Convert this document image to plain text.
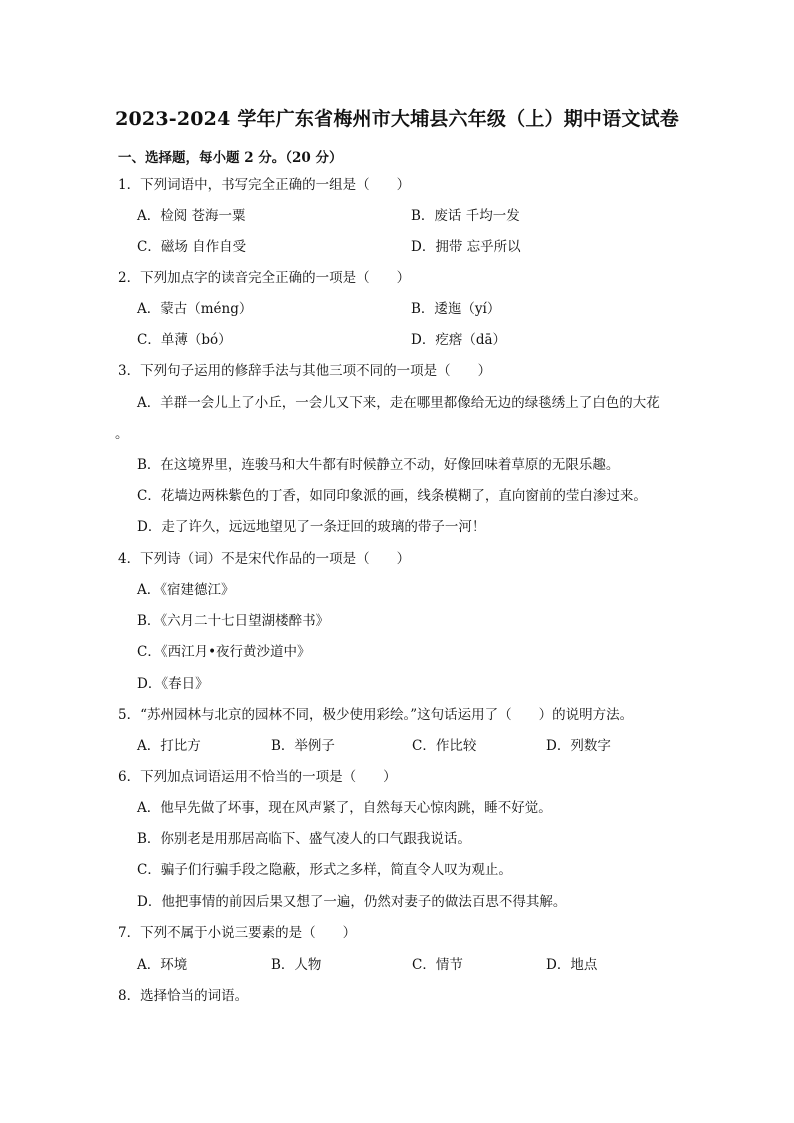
2023-2024 学年广东省梅州市大埔县六年级（上）期中语文试卷
一、选择题，每小题 2 分。（20 分）
1．下列词语中，书写完全正确的一组是（　　）
A．检阅 苍海一粟	B．废话 千均一发
C．磁场 自作自受	D．拥带 忘乎所以
2．下列加点字的读音完全正确的一项是（　　）
A．蒙古（méng）	B．逶迤（yí）
C．单薄（bó）	D．疙瘩（dā）
3．下列句子运用的修辞手法与其他三项不同的一项是（　　）
A．羊群一会儿上了小丘，一会儿又下来，走在哪里都像给无边的绿毯绣上了白色的大花
。
B．在这境界里，连骏马和大牛都有时候静立不动，好像回味着草原的无限乐趣。
C．花墙边两株紫色的丁香，如同印象派的画，线条模糊了，直向窗前的莹白渗过来。
D．走了许久，远远地望见了一条迂回的玻璃的带子一河！
4．下列诗（词）不是宋代作品的一项是（　　）
A．《宿建德江》
B．《六月二十七日望湖楼醉书》
C．《西江月•夜行黄沙道中》
D．《春日》
5．“苏州园林与北京的园林不同，极少使用彩绘。”这句话运用了（　　）的说明方法。
A．打比方	B．举例子	C．作比较	D．列数字
6．下列加点词语运用不恰当的一项是（　　）
A．他早先做了坏事，现在风声紧了，自然每天心惊肉跳，睡不好觉。
B．你别老是用那居高临下、盛气凌人的口气跟我说话。
C．骗子们行骗手段之隐蔽，形式之多样，简直令人叹为观止。
D．他把事情的前因后果又想了一遍，仍然对妻子的做法百思不得其解。
7．下列不属于小说三要素的是（　　）
A．环境	B．人物	C．情节	D．地点
8．选择恰当的词语。
